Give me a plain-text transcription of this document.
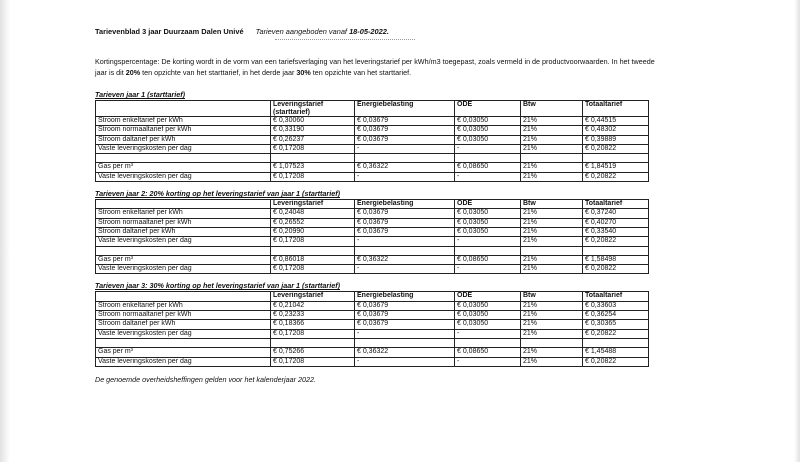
Tarievenblad 3 jaar Duurzaam Dalen Univé Tarieven aangeboden vanaf 18-05-2022.
Kortingspercentage: De korting wordt in de vorm van een tariefsverlaging van het leveringstarief per kWh/m3 toegepast, zoals vermeld in de productvoorwaarden. In het tweede jaar is dit 20% ten opzichte van het starttarief, in het derde jaar 30% ten opzichte van het starttarief.
Tarieven jaar 1 (starttarief)
	Leveringstarief (starttarief)	Energiebelasting	ODE	Btw	Totaaltarief
Stroom enkeltarief per kWh	€ 0,30060	€ 0,03679	€ 0,03050	21%	€ 0,44515
Stroom normaaltarief per kWh	€ 0,33190	€ 0,03679	€ 0,03050	21%	€ 0,48302
Stroom daltarief per kWh	€ 0,26237	€ 0,03679	€ 0,03050	21%	€ 0,39889
Vaste leveringskosten per dag	€ 0,17208	-	-	21%	€ 0,20822

Gas per m³	€ 1,07523	€ 0,36322	€ 0,08650	21%	€ 1,84519
Vaste leveringskosten per dag	€ 0,17208	-	-	21%	€ 0,20822
Tarieven jaar 2: 20% korting op het leveringstarief van jaar 1 (starttarief)
	Leveringstarief	Energiebelasting	ODE	Btw	Totaaltarief
Stroom enkeltarief per kWh	€ 0,24048	€ 0,03679	€ 0,03050	21%	€ 0,37240
Stroom normaaltarief per kWh	€ 0,26552	€ 0,03679	€ 0,03050	21%	€ 0,40270
Stroom daltarief per kWh	€ 0,20990	€ 0,03679	€ 0,03050	21%	€ 0,33540
Vaste leveringskosten per dag	€ 0,17208	-	-	21%	€ 0,20822

Gas per m³	€ 0,86018	€ 0,36322	€ 0,08650	21%	€ 1,58498
Vaste leveringskosten per dag	€ 0,17208	-	-	21%	€ 0,20822
Tarieven jaar 3: 30% korting op het leveringstarief van jaar 1 (starttarief)
	Leveringstarief	Energiebelasting	ODE	Btw	Totaaltarief
Stroom enkeltarief per kWh	€ 0,21042	€ 0,03679	€ 0,03050	21%	€ 0,33603
Stroom normaaltarief per kWh	€ 0,23233	€ 0,03679	€ 0,03050	21%	€ 0,36254
Stroom daltarief per kWh	€ 0,18366	€ 0,03679	€ 0,03050	21%	€ 0,30365
Vaste leveringskosten per dag	€ 0,17208	-	-	21%	€ 0,20822

Gas per m³	€ 0,75266	€ 0,36322	€ 0,08650	21%	€ 1,45488
Vaste leveringskosten per dag	€ 0,17208	-	-	21%	€ 0,20822
De genoemde overheidsheffingen gelden voor het kalenderjaar 2022.
